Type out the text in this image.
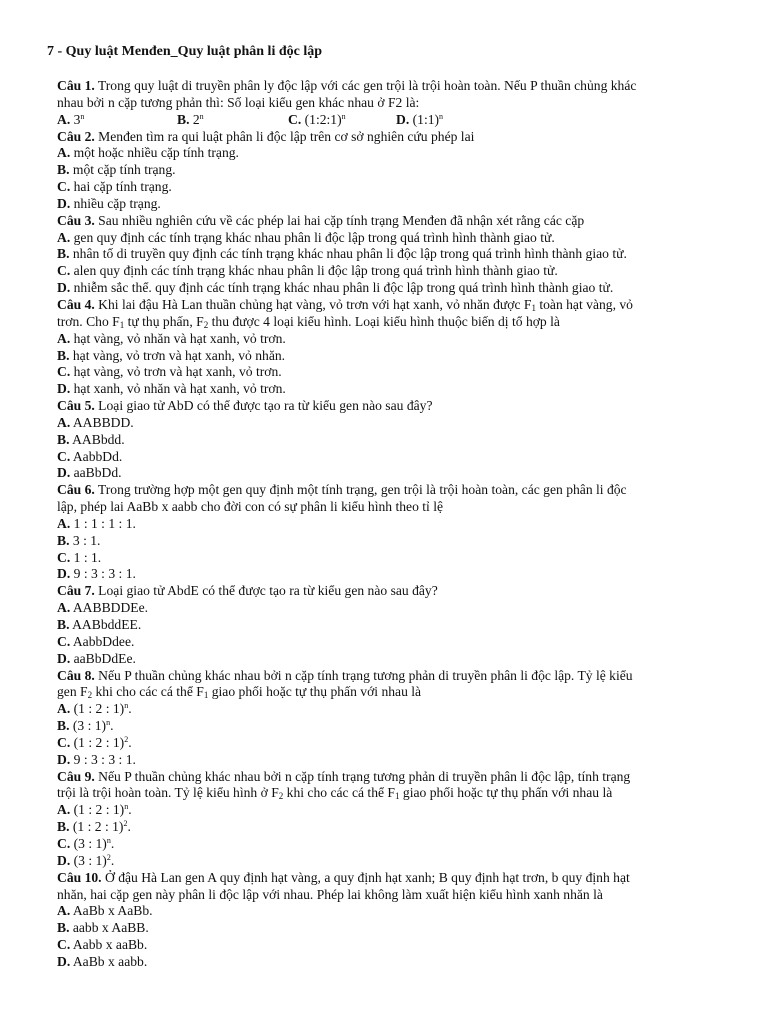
7 - Quy luật Menđen_Quy luật phân li độc lập
Câu 1. Trong quy luật di truyền phân ly độc lập với các gen trội là trội hoàn toàn. Nếu P thuần chủng khác
nhau bởi n cặp tương phản thì: Số loại kiểu gen khác nhau ở F2 là:
A. 3$^n$	B. 2$^n$	C. (1:2:1)$^n$	D. (1:1)$^n$
Câu 2. Menđen tìm ra qui luật phân li độc lập trên cơ sở nghiên cứu phép lai
A. một hoặc nhiều cặp tính trạng.
B. một cặp tính trạng.
C. hai cặp tính trạng.
D. nhiều cặp trạng.
Câu 3. Sau nhiều nghiên cứu về các phép lai hai cặp tính trạng Menđen đã nhận xét rằng các cặp
A. gen quy định các tính trạng khác nhau phân li độc lập trong quá trình hình thành giao tử.
B. nhân tố di truyền quy định các tính trạng khác nhau phân li độc lập trong quá trình hình thành giao tử.
C. alen quy định các tính trạng khác nhau phân li độc lập trong quá trình hình thành giao tử.
D. nhiễm sắc thể. quy định các tính trạng khác nhau phân li độc lập trong quá trình hình thành giao tử.
Câu 4. Khi lai đậu Hà Lan thuần chủng hạt vàng, vỏ trơn với hạt xanh, vỏ nhăn được $F_1$ toàn hạt vàng, vỏ
trơn. Cho $F_1$ tự thụ phấn, $F_2$ thu được 4 loại kiểu hình. Loại kiểu hình thuộc biến dị tổ hợp là
A. hạt vàng, vỏ nhăn và hạt xanh, vỏ trơn.
B. hạt vàng, vỏ trơn và hạt xanh, vỏ nhăn.
C. hạt vàng, vỏ trơn và hạt xanh, vỏ trơn.
D. hạt xanh, vỏ nhăn và hạt xanh, vỏ trơn.
Câu 5. Loại giao tử AbD có thể được tạo ra từ kiểu gen nào sau đây?
A. AABBDD.
B. AABbdd.
C. AabbDd.
D. aaBbDd.
Câu 6. Trong trường hợp một gen quy định một tính trạng, gen trội là trội hoàn toàn, các gen phân li độc
lập, phép lai AaBb x aabb cho đời con có sự phân li kiểu hình theo tỉ lệ
A. 1 : 1 : 1 : 1.
B. 3 : 1.
C. 1 : 1.
D. 9 : 3 : 3 : 1.
Câu 7. Loại giao tử AbdE có thể được tạo ra từ kiểu gen nào sau đây?
A. AABBDDEe.
B. AABbddEE.
C. AabbDdee.
D. aaBbDdEe.
Câu 8. Nếu P thuần chủng khác nhau bởi n cặp tính trạng tương phản di truyền phân li độc lập. Tỷ lệ kiểu
gen $F_2$ khi cho các cá thể $F_1$ giao phối hoặc tự thụ phấn với nhau là
A. (1 : 2 : 1)$^n$.
B. (3 : 1)$^n$.
C. (1 : 2 : 1)$^2$.
D. 9 : 3 : 3 : 1.
Câu 9. Nếu P thuần chủng khác nhau bởi n cặp tính trạng tương phản di truyền phân li độc lập, tính trạng
trội là trội hoàn toàn. Tỷ lệ kiểu hình ở $F_2$ khi cho các cá thể $F_1$ giao phối hoặc tự thụ phấn với nhau là
A. (1 : 2 : 1)$^n$.
B. (1 : 2 : 1)$^2$.
C. (3 : 1)$^n$.
D. (3 : 1)$^2$.
Câu 10. Ở đậu Hà Lan gen A quy định hạt vàng, a quy định hạt xanh; B quy định hạt trơn, b quy định hạt
nhăn, hai cặp gen này phân li độc lập với nhau. Phép lai không làm xuất hiện kiểu hình xanh nhăn là
A. AaBb x AaBb.
B. aabb x AaBB.
C. Aabb x aaBb.
D. AaBb x aabb.
